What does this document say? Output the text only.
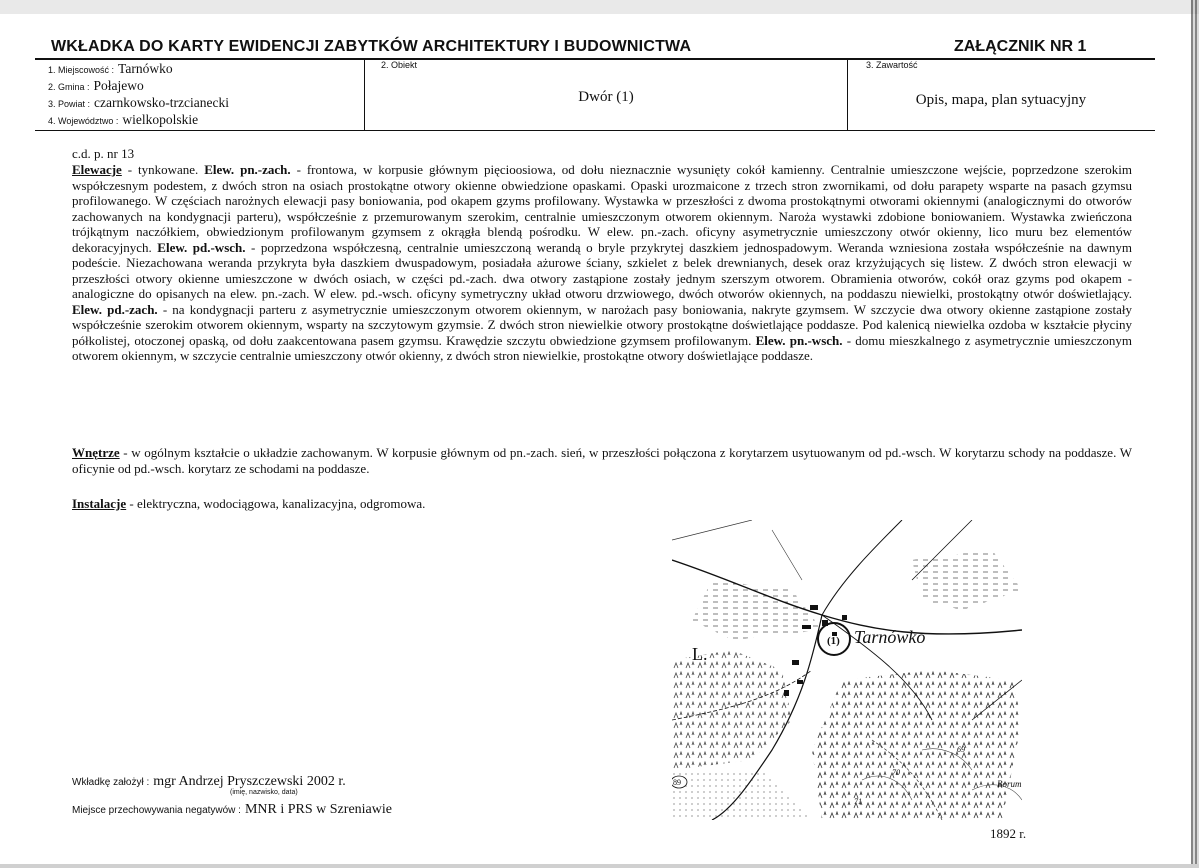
WKŁADKA DO KARTY EWIDENCJI ZABYTKÓW ARCHITEKTURY I BUDOWNICTWA	ZAŁĄCZNIK NR 1
1. Miejscowość : Tarnówko
2. Gmina : Połajewo
3. Powiat : czarnkowsko-trzcianecki
4. Województwo : wielkopolskie
2. Obiekt
Dwór (1)
3. Zawartość
Opis, mapa, plan sytuacyjny
c.d. p. nr 13

Elewacje - tynkowane. Elew. pn.-zach. - frontowa, w korpusie głównym pięcioosiowa, od dołu nieznacznie wysunięty cokół kamienny. Centralnie umieszczone wejście, poprzedzone szerokim współczesnym podestem, z dwóch stron na osiach prostokątne otwory okienne obwiedzione opaskami. Opaski urozmaicone z trzech stron zwornikami, od dołu parapety wsparte na pasach gzymsu profilowanego. W częściach narożnych elewacji pasy boniowania, pod okapem gzyms profilowany. Wystawka w przeszłości z dwoma prostokątnymi otworami okiennymi (analogicznymi do otworów zachowanych na kondygnacji parteru), współcześnie z przemurowanym szerokim, centralnie umieszczonym otworem okiennym. Naroża wystawki zdobione boniowaniem. Wystawka zwieńczona trójkątnym naczółkiem, obwiedzionym profilowanym gzymsem z okrągła blendą pośrodku. W elew. pn.-zach. oficyny asymetrycznie umieszczony otwór okienny, lico muru bez elementów dekoracyjnych. Elew. pd.-wsch. - poprzedzona współczesną, centralnie umieszczoną werandą o bryle przykrytej daszkiem jednospadowym. Weranda wzniesiona została współcześnie na dawnym podeście. Niezachowana weranda przykryta była daszkiem dwuspadowym, posiadała ażurowe ściany, szkielet z belek drewnianych, desek oraz krzyżujących się listew. Z dwóch stron elewacji w przeszłości otwory okienne umieszczone w dwóch osiach, w części pd.-zach. dwa otwory zastąpione zostały jednym szerszym otworem. Obramienia otworów, cokół oraz gzyms pod okapem - analogiczne do opisanych na elew. pn.-zach. W elew. pd.-wsch. oficyny symetryczny układ otworu drzwiowego, dwóch otworów okiennych, na poddaszu niewielki, prostokątny otwór doświetlający. Elew. pd.-zach. - na kondygnacji parteru z asymetrycznie umieszczonym otworem okiennym, w narożach pasy boniowania, nakryte gzymsem. W szczycie dwa otwory okienne zastąpione zostały współcześnie szerokim otworem okiennym, wsparty na szczytowym gzymsie. Z dwóch stron niewielkie otwory prostokątne doświetlające poddasze. Pod kalenicą niewielka ozdoba w kształcie płyciny półkolistej, otoczonej opaską, od dołu zaakcentowana pasem gzymsu. Krawędzie szczytu obwiedzione gzymsem profilowanym. Elew. pn.-wsch. - domu mieszkalnego z asymetrycznie umieszczonym otworem okiennym, w szczycie centralnie umieszczony otwór okienny, z dwóch stron niewielkie, prostokątne otwory doświetlające poddasze.

Wnętrze - w ogólnym kształcie o układzie zachowanym. W korpusie głównym od pn.-zach. sień, w przeszłości połączona z korytarzem usytuowanym od pd.-wsch. W korytarzu schody na poddasze. W oficynie od pd.-wsch. korytarz ze schodami na poddasze.

Instalacje - elektryczna, wodociągowa, kanalizacyjna, odgromowa.

(1) Tarnówko
L.
Borum
89
69
70
71
1892 r.
Wkładkę założył : mgr Andrzej Pryszczewski 2002 r.
(imię, nazwisko, data)
Miejsce przechowywania negatywów : MNR i PRS w Szreniawie
